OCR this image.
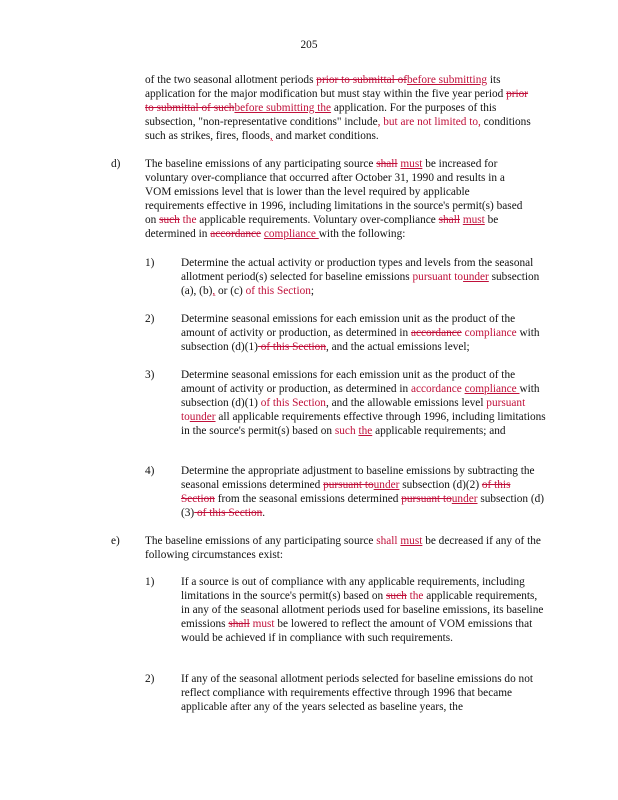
205
of the two seasonal allotment periods prior to submittal ofbefore submitting its application for the major modification but must stay within the five year period prior to submittal of suchbefore submitting the application. For the purposes of this subsection, "non-representative conditions" include, but are not limited to, conditions such as strikes, fires, floods, and market conditions.
d) The baseline emissions of any participating source shall must be increased for voluntary over-compliance that occurred after October 31, 1990 and results in a VOM emissions level that is lower than the level required by applicable requirements effective in 1996, including limitations in the source's permit(s) based on such the applicable requirements. Voluntary over-compliance shall must be determined in accordance compliance with the following:
1) Determine the actual activity or production types and levels from the seasonal allotment period(s) selected for baseline emissions pursuant tounder subsection (a), (b), or (c) of this Section;
2) Determine seasonal emissions for each emission unit as the product of the amount of activity or production, as determined in accordance compliance with subsection (d)(1) of this Section, and the actual emissions level;
3) Determine seasonal emissions for each emission unit as the product of the amount of activity or production, as determined in accordance compliance with subsection (d)(1) of this Section, and the allowable emissions level pursuant tounder all applicable requirements effective through 1996, including limitations in the source's permit(s) based on such the applicable requirements; and
4) Determine the appropriate adjustment to baseline emissions by subtracting the seasonal emissions determined pursuant tounder subsection (d)(2) of this Section from the seasonal emissions determined pursuant tounder subsection (d)(3) of this Section.
e) The baseline emissions of any participating source shall must be decreased if any of the following circumstances exist:
1) If a source is out of compliance with any applicable requirements, including limitations in the source's permit(s) based on such the applicable requirements, in any of the seasonal allotment periods used for baseline emissions, its baseline emissions shall must be lowered to reflect the amount of VOM emissions that would be achieved if in compliance with such requirements.
2) If any of the seasonal allotment periods selected for baseline emissions do not reflect compliance with requirements effective through 1996 that became applicable after any of the years selected as baseline years, the
